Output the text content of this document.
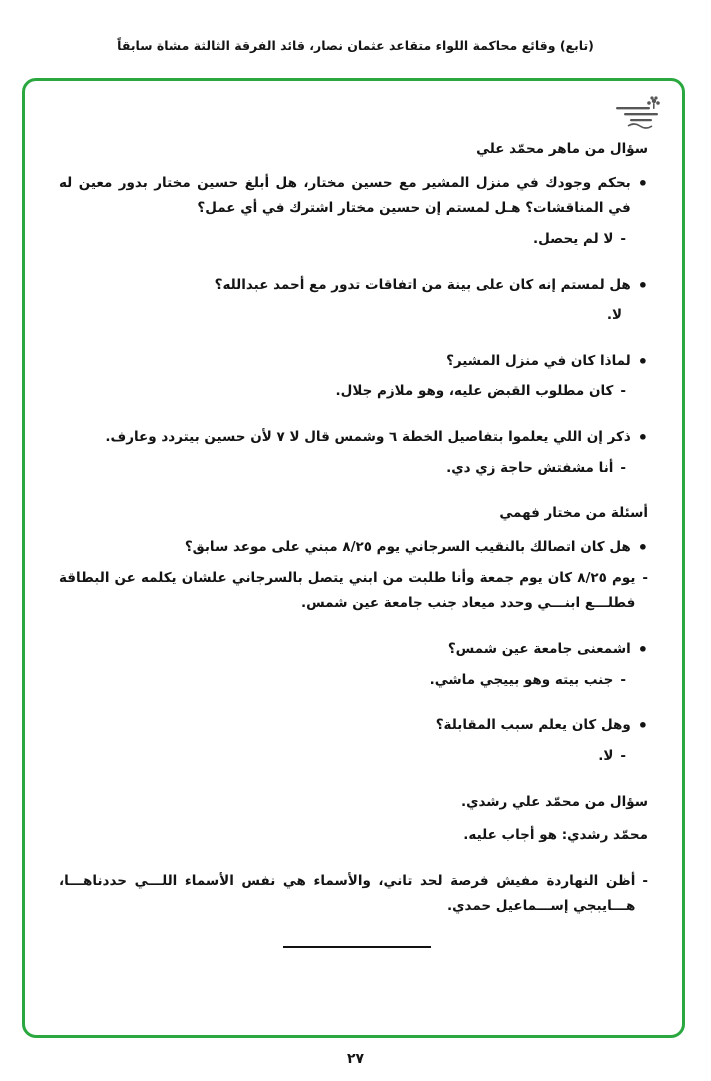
(تابع) وقائع محاكمة اللواء متقاعد عثمان نصار، قائد الفرقة الثالثة مشاة سابقاً
سؤال من ماهر محمّد علي
•

بحكم وجودك في منزل المشير مع حسين مختار، هل أبلغ حسين مختار بدور معين له في المناقشات؟ هـل لمستم إن حسين مختار اشترك في أي عمل؟

-

لا لم يحصل.

•

هل لمستم إنه كان على بينة من اتفاقات تدور مع أحمد عبدالله؟

لا.

•

لماذا كان في منزل المشير؟

-

كان مطلوب القبض عليه، وهو ملازم جلال.

•

ذكر إن اللي يعلموا بتفاصيل الخطة ٦ وشمس قال لا ٧ لأن حسين بيتردد وعارف.

-

أنا مشفتش حاجة زي دي.

أسئلة من مختار فهمي
•

هل كان اتصالك بالنقيب السرجاني يوم ٨/٢٥ مبني على موعد سابق؟

-

يوم ٨/٢٥ كان يوم جمعة وأنا طلبت من ابني يتصل بالسرجاني علشان يكلمه عن البطاقة فطلـــع ابنـــي وحدد ميعاد جنب جامعة عين شمس.

•

اشمعنى جامعة عين شمس؟

-

جنب بيته وهو بييجي ماشي.

•

وهل كان يعلم سبب المقابلة؟

-

لا.

سؤال من محمّد علي رشدي.

محمّد رشدي: هو أجاب عليه.

-

أظن النهاردة مفيش فرصة لحد تاني، والأسماء هي نفس الأسماء اللـــي حددناهـــا، هـــايبجي إســـماعيل حمدي.

٢٧
